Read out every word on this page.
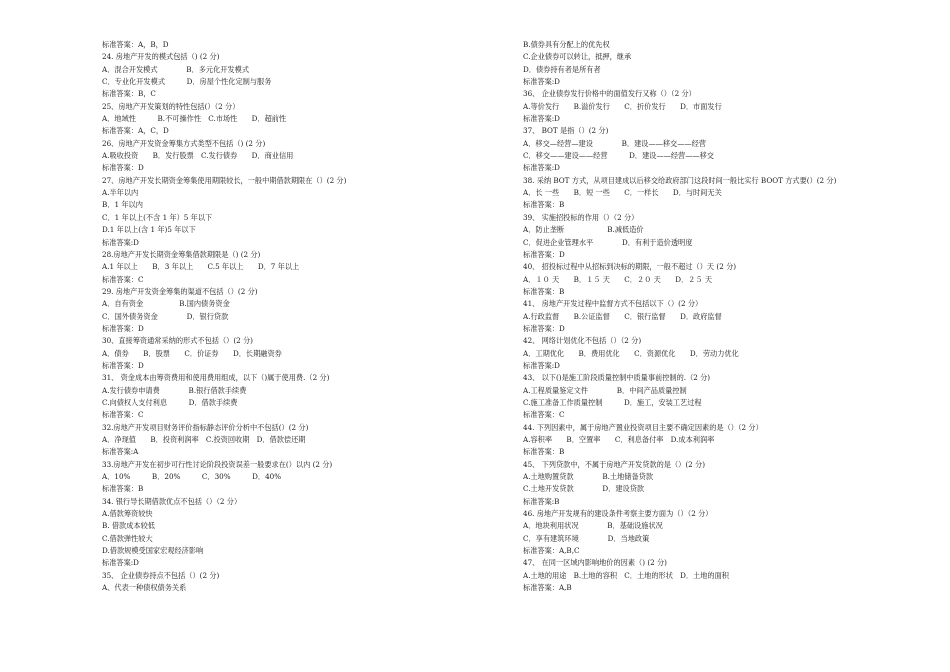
标准答案：A，B，D
24. 房地产开发的模式包括（) (2 分)
A．混合开发模式　　　　B．多元化开发模式
C．专业化开发模式　　　D．房屋个性化定制与服务
标准答案：B，C
25、房地产开发策划的特性包括(）（2 分）
A．地域性　　　B.不可操作性　C.市场性　　D．超前性
标准答案：A，C，D
26、房地产开发资金筹集方式类型不包括（) (2 分)
A.吸收投资　　B．发行股票　C.发行债券　　D．商业信用
标准答案：D
27、房地产开发长期资金筹集使用期限较长，一般中期借款期限在（）(2 分)
A.半年以内
B．1 年以内
C．1 年以上(不含 1 年）5 年以下
D.1 年以上(含 1 年)5 年以下
标准答案:D
28.房地产开发长期资金筹集借款期限是（) (2 分)
A.1 年以上　　B．3 年以上　　C.5 年以上　　D．7 年以上
标准答案：C
29. 房地产开发资金筹集的渠道不包括（）(2 分)
A．自有资金　　　　　B.国内债务资金
C．国外债务资金　　　　D．银行贷款
标准答案：D
30、直接筹资通常采纳的形式不包括（）(2 分)
A．债券　　B．股票　　C．价证券　　D．长期融资券
标准答案：D
31、 资金成本由筹资费用和使用费用组成，以下（)属于使用费.（2 分)
A.发行债券申请费　　　　B.银行借款手续费
C.向债权人支付利息　　　D．借款手续费
标准答案：C
32.房地产开发项目财务评价指标静态评价分析中不包括(）(2 分)
A．净现值　　B．投资利润率　C.投资回收期　D．借款偿还期
标准答案:A
33.房地产开发在初步可行性讨论阶段投资误差一般要求在(）以内 (2 分)
A．10%　　　B．20%　　　C．30%　　　D．40%
标准答案：B
34. 银行导长期借款优点不包括（）（2 分）
A.借款筹资较快
B. 借款成本较低
C.借款弹性较大
D.借款规模受国家宏观经济影响
标准答案:D
35、 企业债券持点不包括（）(2 分)
A、代表一种债权债务关系
B.债券具有分配上的优先权
C.企业债券可以转让，抵押，继承
D．债券持有者是所有者
标准答案:D
36、 企业债券发行价格中的面值发行又称（）（2 分）
A.等价发行　　B.溢价发行　　C．折价发行　　D．市面发行
标准答案:D
37、 BOT 是指（）(2 分)
A．移交—经营—建设　　　　B．建设——移交——经营
C．移交——建设——经营　　　D．建设——经营——移交
标准答案:D
38. 采纳 BOT 方式，从项目建成以后移交给政府部门这段时间一般比实行 BOOT 方式要(）(2 分)
A．长 一些　　B．短 一些　　C．一样长　　D．与时间无关
标准答案：B
39、 实施招投标的作用（）（2 分）
A．防止垄断　　　　　　B.减低造价
C．促进企业管理水平　　　　D．有利于造价透明度
标准答案：D
40、 招投标过程中从招标到决标的期限，一般不超过（）天 (2 分)
A．１０ 天　　B．１５ 天　　C．２０ 天　　D．２５ 天
标准答案：B
41、 房地产开发过程中监督方式不包括以下（）(2 分）
A.行政监督　　B.公证监督　　C．银行监督　　D．政府监督
标准答案：D
42、 网络计划优化不包括（）（2 分)
A．工期优化　　B．费用优化　　C．资源优化　　D．劳动力优化
标准答案:D
43、 以下()是施工阶段质量控制中质量事前控制的.（2 分)
A.工程质量鉴定文件　　　　B．中间产品质量控制
C.施工准备工作质量控制　　　D．施工，安装工艺过程
标准答案：C
44. 下列因素中，属于房地产置业投资项目主要不确定因素的是（）（2 分）
A.容积率　　B．空置率　　C．利息备付率　D.成本利润率
标准答案：B
45、 下列贷款中，不属于房地产开发贷款的是（）(2 分)
A.土地购置贷款　　　　B.土地储备贷款
C.土地开发贷款　　　　D．建设贷款
标准答案:B
46. 房地产开发规有的建设条件考察主要方面为（）（2 分）
A．地块利用状况　　　　B．基础设施状况
C．享有建筑环境　　　　D．当地政策
标准答案：A,B,C
47、 在同一区域内影响地价的因素（) (2 分)
A.土地的用途　B.土地的容积　C．土地的形状　D．土地的面积
标准答案：A,B
